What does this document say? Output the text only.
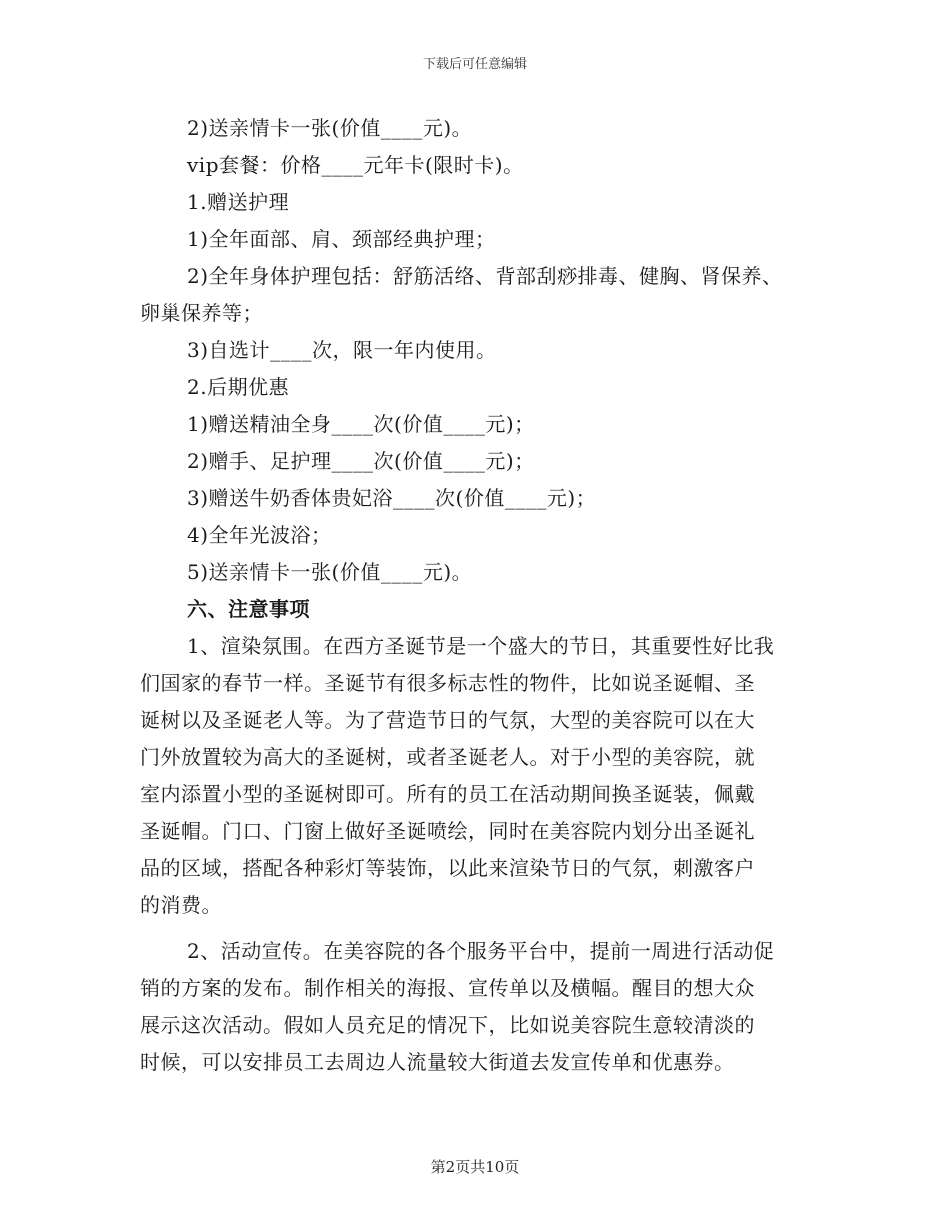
下载后可任意编辑
2)送亲情卡一张(价值____元)。
vip套餐：价格____元年卡(限时卡)。
1.赠送护理
1)全年面部、肩、颈部经典护理；
2)全年身体护理包括：舒筋活络、背部刮痧排毒、健胸、肾保养、
卵巢保养等；
3)自选计____次，限一年内使用。
2.后期优惠
1)赠送精油全身____次(价值____元)；
2)赠手、足护理____次(价值____元)；
3)赠送牛奶香体贵妃浴____次(价值____元)；
4)全年光波浴；
5)送亲情卡一张(价值____元)。
六、注意事项
1、渲染氛围。在西方圣诞节是一个盛大的节日，其重要性好比我
们国家的春节一样。圣诞节有很多标志性的物件，比如说圣诞帽、圣
诞树以及圣诞老人等。为了营造节日的气氛，大型的美容院可以在大
门外放置较为高大的圣诞树，或者圣诞老人。对于小型的美容院，就
室内添置小型的圣诞树即可。所有的员工在活动期间换圣诞装，佩戴
圣诞帽。门口、门窗上做好圣诞喷绘，同时在美容院内划分出圣诞礼
品的区域，搭配各种彩灯等装饰，以此来渲染节日的气氛，刺激客户
的消费。
2、活动宣传。在美容院的各个服务平台中，提前一周进行活动促
销的方案的发布。制作相关的海报、宣传单以及横幅。醒目的想大众
展示这次活动。假如人员充足的情况下，比如说美容院生意较清淡的
时候，可以安排员工去周边人流量较大街道去发宣传单和优惠券。
第2页共10页
